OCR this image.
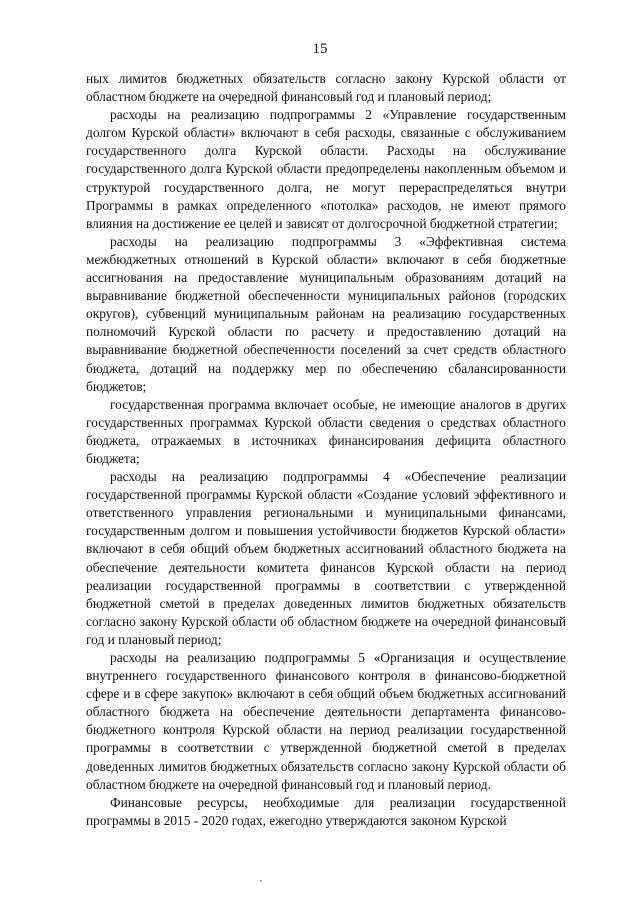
15

ных лимитов бюджетных обязательств согласно закону Курской области от областном бюджете на очередной финансовый год и плановый период;

расходы на реализацию подпрограммы 2 «Управление государственным долгом Курской области» включают в себя расходы, связанные с обслуживанием государственного долга Курской области. Расходы на обслуживание государственного долга Курской области предопределены накопленным объемом и структурой государственного долга, не могут перераспределяться внутри Программы в рамках определенного «потолка» расходов, не имеют прямого влияния на достижение ее целей и зависят от долгосрочной бюджетной стратегии;

расходы на реализацию подпрограммы 3 «Эффективная система межбюджетных отношений в Курской области» включают в себя бюджетные ассигнования на предоставление муниципальным образованиям дотаций на выравнивание бюджетной обеспеченности муниципальных районов (городских округов), субвенций муниципальным районам на реализацию государственных полномочий Курской области по расчету и предоставлению дотаций на выравнивание бюджетной обеспеченности поселений за счет средств областного бюджета, дотаций на поддержку мер по обеспечению сбалансированности бюджетов;

государственная программа включает особые, не имеющие аналогов в других государственных программах Курской области сведения о средствах областного бюджета, отражаемых в источниках финансирования дефицита областного бюджета;

расходы на реализацию подпрограммы 4 «Обеспечение реализации государственной программы Курской области «Создание условий эффективного и ответственного управления региональными и муниципальными финансами, государственным долгом и повышения устойчивости бюджетов Курской области» включают в себя общий объем бюджетных ассигнований областного бюджета на обеспечение деятельности комитета финансов Курской области на период реализации государственной программы в соответствии с утвержденной бюджетной сметой в пределах доведенных лимитов бюджетных обязательств согласно закону Курской области об областном бюджете на очередной финансовый год и плановый период;

расходы на реализацию подпрограммы 5 «Организация и осуществление внутреннего государственного финансового контроля в финансово-бюджетной сфере и в сфере закупок» включают в себя общий объем бюджетных ассигнований областного бюджета на обеспечение деятельности департамента финансово-бюджетного контроля Курской области на период реализации государственной программы в соответствии с утвержденной бюджетной сметой в пределах доведенных лимитов бюджетных обязательств согласно закону Курской области об областном бюджете на очередной финансовый год и плановый период.

Финансовые ресурсы, необходимые для реализации государственной программы в 2015 - 2020 годах, ежегодно утверждаются законом Курской
